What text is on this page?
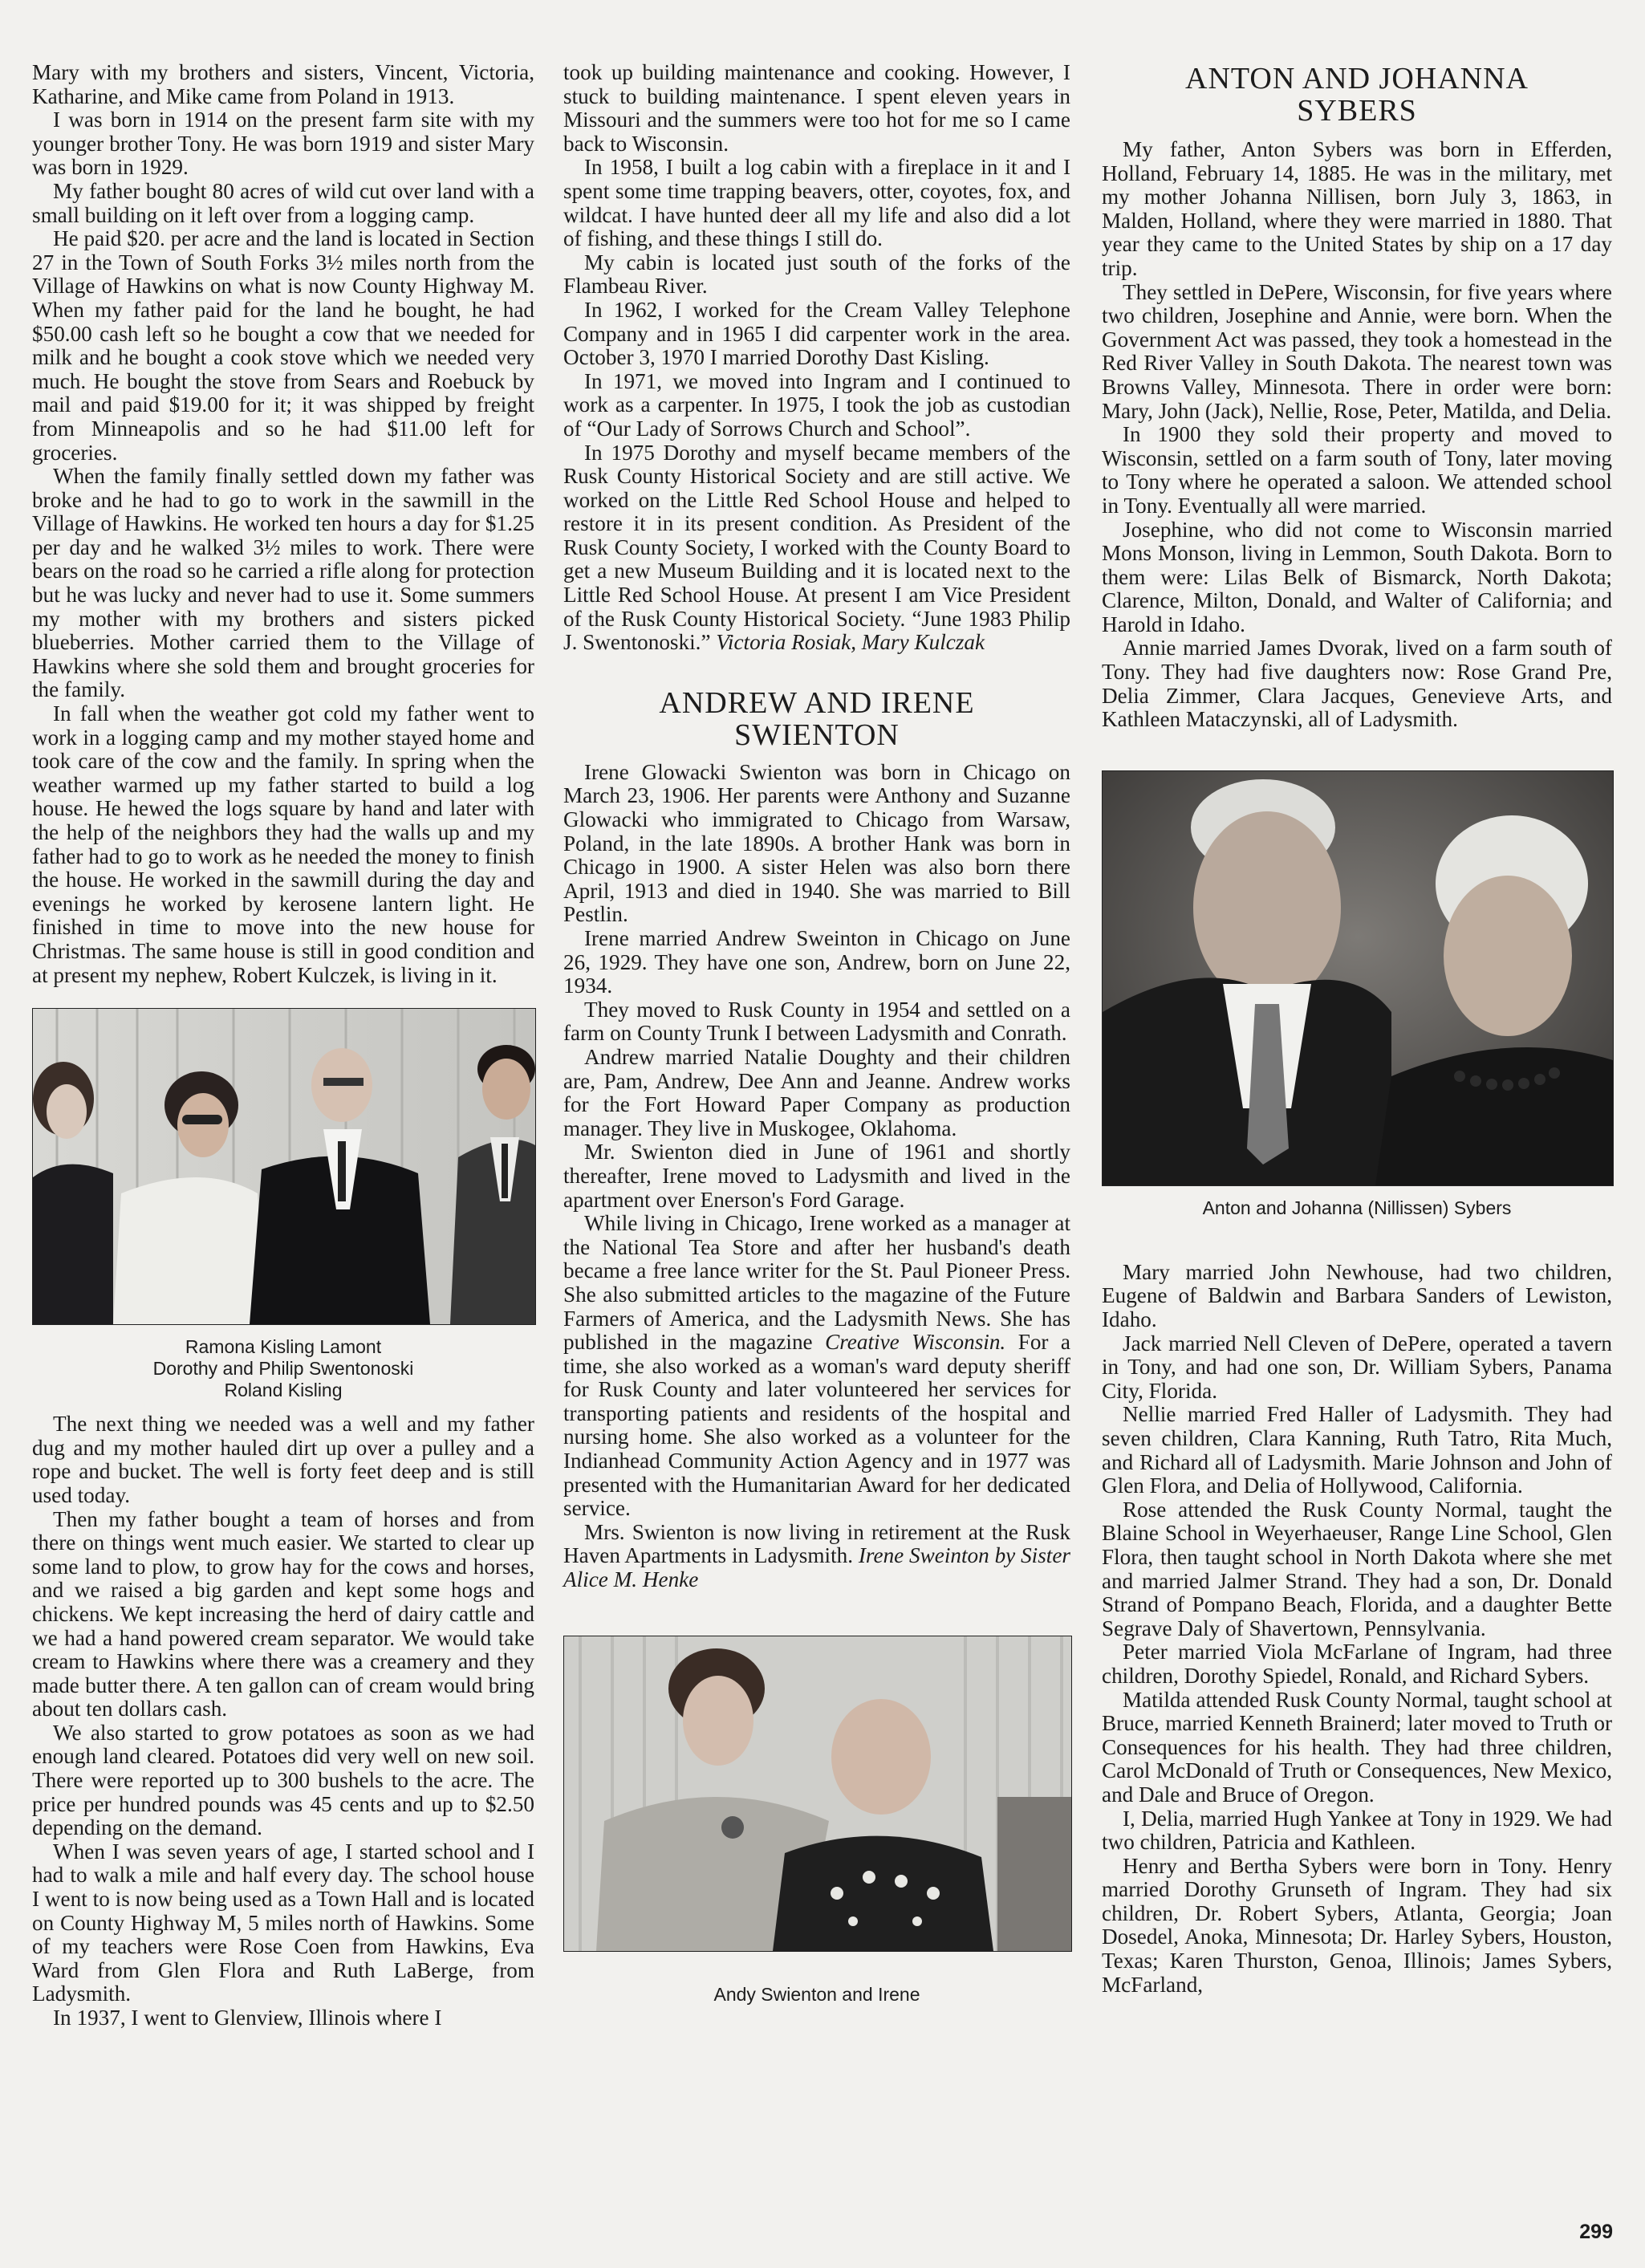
Mary with my brothers and sisters, Vincent, Victoria, Katharine, and Mike came from Poland in 1913.

I was born in 1914 on the present farm site with my younger brother Tony. He was born 1919 and sister Mary was born in 1929.

My father bought 80 acres of wild cut over land with a small building on it left over from a logging camp.

He paid $20. per acre and the land is located in Section 27 in the Town of South Forks 3½ miles north from the Village of Hawkins on what is now County Highway M. When my father paid for the land he bought, he had $50.00 cash left so he bought a cow that we needed for milk and he bought a cook stove which we needed very much. He bought the stove from Sears and Roebuck by mail and paid $19.00 for it; it was shipped by freight from Minneapolis and so he had $11.00 left for groceries.

When the family finally settled down my father was broke and he had to go to work in the sawmill in the Village of Hawkins. He worked ten hours a day for $1.25 per day and he walked 3½ miles to work. There were bears on the road so he carried a rifle along for protection but he was lucky and never had to use it. Some summers my mother with my brothers and sisters picked blueberries. Mother carried them to the Village of Hawkins where she sold them and brought groceries for the family.

In fall when the weather got cold my father went to work in a logging camp and my mother stayed home and took care of the cow and the family. In spring when the weather warmed up my father started to build a log house. He hewed the logs square by hand and later with the help of the neighbors they had the walls up and my father had to go to work as he needed the money to finish the house. He worked in the sawmill during the day and evenings he worked by kerosene lantern light. He finished in time to move into the new house for Christmas. The same house is still in good condition and at present my nephew, Robert Kulczek, is living in it.

Ramona Kisling Lamont
Dorothy and Philip Swentonoski
Roland Kisling

The next thing we needed was a well and my father dug and my mother hauled dirt up over a pulley and a rope and bucket. The well is forty feet deep and is still used today.

Then my father bought a team of horses and from there on things went much easier. We started to clear up some land to plow, to grow hay for the cows and horses, and we raised a big garden and kept some hogs and chickens. We kept increasing the herd of dairy cattle and we had a hand powered cream separator. We would take cream to Hawkins where there was a creamery and they made butter there. A ten gallon can of cream would bring about ten dollars cash.

We also started to grow potatoes as soon as we had enough land cleared. Potatoes did very well on new soil. There were reported up to 300 bushels to the acre. The price per hundred pounds was 45 cents and up to $2.50 depending on the demand.

When I was seven years of age, I started school and I had to walk a mile and half every day. The school house I went to is now being used as a Town Hall and is located on County Highway M, 5 miles north of Hawkins. Some of my teachers were Rose Coen from Hawkins, Eva Ward from Glen Flora and Ruth LaBerge, from Ladysmith.

In 1937, I went to Glenview, Illinois where I

took up building maintenance and cooking. However, I stuck to building maintenance. I spent eleven years in Missouri and the summers were too hot for me so I came back to Wisconsin.

In 1958, I built a log cabin with a fireplace in it and I spent some time trapping beavers, otter, coyotes, fox, and wildcat. I have hunted deer all my life and also did a lot of fishing, and these things I still do.

My cabin is located just south of the forks of the Flambeau River.

In 1962, I worked for the Cream Valley Telephone Company and in 1965 I did carpenter work in the area. October 3, 1970 I married Dorothy Dast Kisling.

In 1971, we moved into Ingram and I continued to work as a carpenter. In 1975, I took the job as custodian of “Our Lady of Sorrows Church and School”.

In 1975 Dorothy and myself became members of the Rusk County Historical Society and are still active. We worked on the Little Red School House and helped to restore it in its present condition. As President of the Rusk County Society, I worked with the County Board to get a new Museum Building and it is located next to the Little Red School House. At present I am Vice President of the Rusk County Historical Society. “June 1983 Philip J. Swentonoski.” Victoria Rosiak, Mary Kulczak

ANDREW AND IRENE
SWIENTON

Irene Glowacki Swienton was born in Chicago on March 23, 1906. Her parents were Anthony and Suzanne Glowacki who immigrated to Chicago from Warsaw, Poland, in the late 1890s. A brother Hank was born in Chicago in 1900. A sister Helen was also born there April, 1913 and died in 1940. She was married to Bill Pestlin.

Irene married Andrew Sweinton in Chicago on June 26, 1929. They have one son, Andrew, born on June 22, 1934.

They moved to Rusk County in 1954 and settled on a farm on County Trunk I between Ladysmith and Conrath.

Andrew married Natalie Doughty and their children are, Pam, Andrew, Dee Ann and Jeanne. Andrew works for the Fort Howard Paper Company as production manager. They live in Muskogee, Oklahoma.

Mr. Swienton died in June of 1961 and shortly thereafter, Irene moved to Ladysmith and lived in the apartment over Enerson's Ford Garage.

While living in Chicago, Irene worked as a manager at the National Tea Store and after her husband's death became a free lance writer for the St. Paul Pioneer Press. She also submitted articles to the magazine of the Future Farmers of America, and the Ladysmith News. She has published in the magazine Creative Wisconsin. For a time, she also worked as a woman's ward deputy sheriff for Rusk County and later volunteered her services for transporting patients and residents of the hospital and nursing home. She also worked as a volunteer for the Indianhead Community Action Agency and in 1977 was presented with the Humanitarian Award for her dedicated service.

Mrs. Swienton is now living in retirement at the Rusk Haven Apartments in Ladysmith. Irene Sweinton by Sister Alice M. Henke

Andy Swienton and Irene
ANTON AND JOHANNA
SYBERS

My father, Anton Sybers was born in Efferden, Holland, February 14, 1885. He was in the military, met my mother Johanna Nillisen, born July 3, 1863, in Malden, Holland, where they were married in 1880. That year they came to the United States by ship on a 17 day trip.

They settled in DePere, Wisconsin, for five years where two children, Josephine and Annie, were born. When the Government Act was passed, they took a homestead in the Red River Valley in South Dakota. The nearest town was Browns Valley, Minnesota. There in order were born: Mary, John (Jack), Nellie, Rose, Peter, Matilda, and Delia.

In 1900 they sold their property and moved to Wisconsin, settled on a farm south of Tony, later moving to Tony where he operated a saloon. We attended school in Tony. Eventually all were married.

Josephine, who did not come to Wisconsin married Mons Monson, living in Lemmon, South Dakota. Born to them were: Lilas Belk of Bismarck, North Dakota; Clarence, Milton, Donald, and Walter of California; and Harold in Idaho.

Annie married James Dvorak, lived on a farm south of Tony. They had five daughters now: Rose Grand Pre, Delia Zimmer, Clara Jacques, Genevieve Arts, and Kathleen Mataczynski, all of Ladysmith.

Anton and Johanna (Nillissen) Sybers

Mary married John Newhouse, had two children, Eugene of Baldwin and Barbara Sanders of Lewiston, Idaho.

Jack married Nell Cleven of DePere, operated a tavern in Tony, and had one son, Dr. William Sybers, Panama City, Florida.

Nellie married Fred Haller of Ladysmith. They had seven children, Clara Kanning, Ruth Tatro, Rita Much, and Richard all of Ladysmith. Marie Johnson and John of Glen Flora, and Delia of Hollywood, California.

Rose attended the Rusk County Normal, taught the Blaine School in Weyerhaeuser, Range Line School, Glen Flora, then taught school in North Dakota where she met and married Jalmer Strand. They had a son, Dr. Donald Strand of Pompano Beach, Florida, and a daughter Bette Segrave Daly of Shavertown, Pennsylvania.

Peter married Viola McFarlane of Ingram, had three children, Dorothy Spiedel, Ronald, and Richard Sybers.

Matilda attended Rusk County Normal, taught school at Bruce, married Kenneth Brainerd; later moved to Truth or Consequences for his health. They had three children, Carol McDonald of Truth or Consequences, New Mexico, and Dale and Bruce of Oregon.

I, Delia, married Hugh Yankee at Tony in 1929. We had two children, Patricia and Kathleen.

Henry and Bertha Sybers were born in Tony. Henry married Dorothy Grunseth of Ingram. They had six children, Dr. Robert Sybers, Atlanta, Georgia; Joan Dosedel, Anoka, Minnesota; Dr. Harley Sybers, Houston, Texas; Karen Thurston, Genoa, Illinois; James Sybers, McFarland,

299
